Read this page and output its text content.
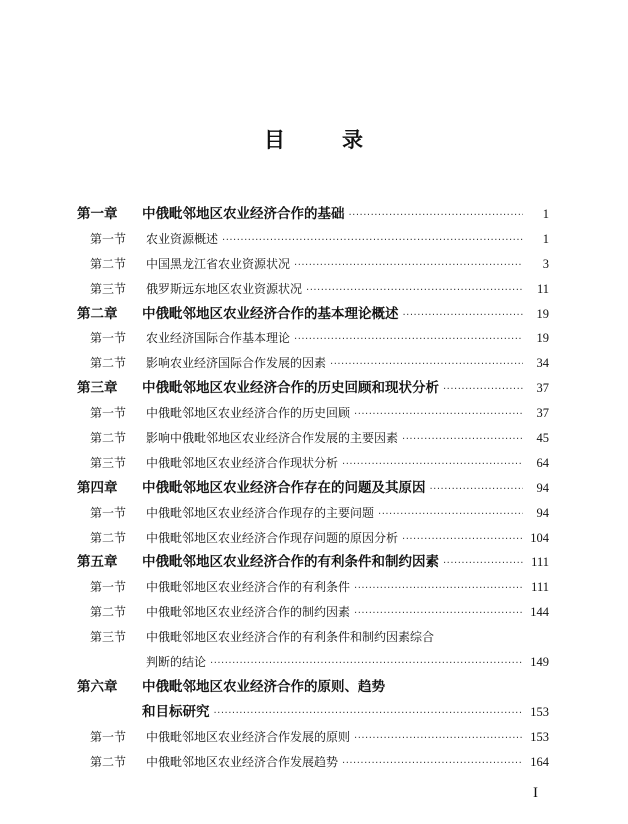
目	录
第一章	中俄毗邻地区农业经济合作的基础 ·····	1
第一节	农业资源概述 ·····	1
第二节	中国黑龙江省农业资源状况 ·····	3
第三节	俄罗斯远东地区农业资源状况 ·····	11
第二章	中俄毗邻地区农业经济合作的基本理论概述 ·····	19
第一节	农业经济国际合作基本理论 ·····	19
第二节	影响农业经济国际合作发展的因素 ·····	34
第三章	中俄毗邻地区农业经济合作的历史回顾和现状分析 ·····	37
第一节	中俄毗邻地区农业经济合作的历史回顾 ·····	37
第二节	影响中俄毗邻地区农业经济合作发展的主要因素 ·····	45
第三节	中俄毗邻地区农业经济合作现状分析 ·····	64
第四章	中俄毗邻地区农业经济合作存在的问题及其原因 ·····	94
第一节	中俄毗邻地区农业经济合作现存的主要问题 ·····	94
第二节	中俄毗邻地区农业经济合作现存问题的原因分析 ·····	104
第五章	中俄毗邻地区农业经济合作的有利条件和制约因素 ·····	111
第一节	中俄毗邻地区农业经济合作的有利条件 ·····	111
第二节	中俄毗邻地区农业经济合作的制约因素 ·····	144
第三节	中俄毗邻地区农业经济合作的有利条件和制约因素综合
判断的结论 ·····	149
第六章	中俄毗邻地区农业经济合作的原则、趋势
和目标研究 ·····	153
第一节	中俄毗邻地区农业经济合作发展的原则 ·····	153
第二节	中俄毗邻地区农业经济合作发展趋势 ·····	164
I
